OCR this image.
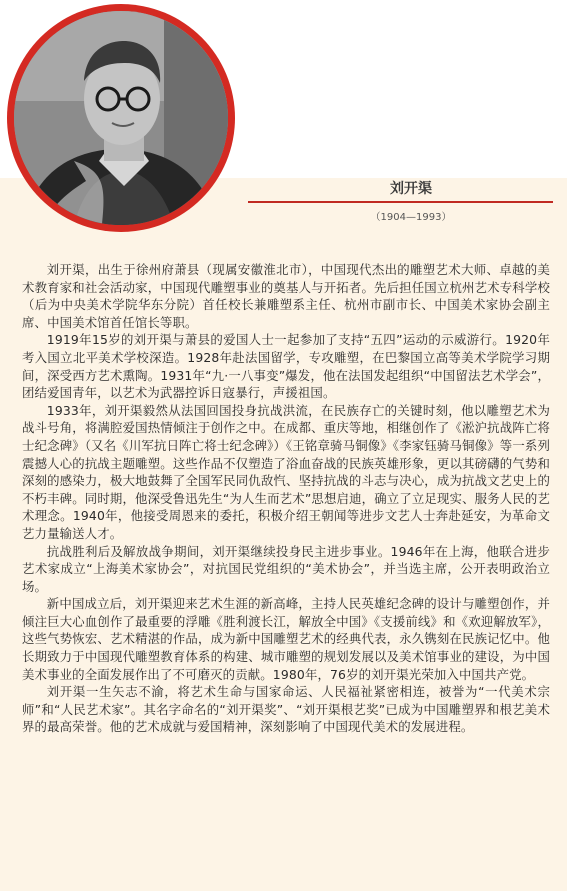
刘开渠
（1904—1993）

刘开渠，出生于徐州府萧县（现属安徽淮北市），中国现代杰出的雕塑艺术大师、卓越的美术教育家和社会活动家，中国现代雕塑事业的奠基人与开拓者。先后担任国立杭州艺术专科学校（后为中央美术学院华东分院）首任校长兼雕塑系主任、杭州市副市长、中国美术家协会副主席、中国美术馆首任馆长等职。

1919年15岁的刘开渠与萧县的爱国人士一起参加了支持“五四”运动的示威游行。1920年考入国立北平美术学校深造。1928年赴法国留学，专攻雕塑，在巴黎国立高等美术学院学习期间，深受西方艺术熏陶。1931年“九·一八事变”爆发，他在法国发起组织“中国留法艺术学会”，团结爱国青年，以艺术为武器控诉日寇暴行，声援祖国。

1933年，刘开渠毅然从法国回国投身抗战洪流，在民族存亡的关键时刻，他以雕塑艺术为战斗号角，将满腔爱国热情倾注于创作之中。在成都、重庆等地，相继创作了《淞沪抗战阵亡将士纪念碑》（又名《川军抗日阵亡将士纪念碑》）《王铭章骑马铜像》《李家钰骑马铜像》等一系列震撼人心的抗战主题雕塑。这些作品不仅塑造了浴血奋战的民族英雄形象，更以其磅礴的气势和深刻的感染力，极大地鼓舞了全国军民同仇敌忾、坚持抗战的斗志与决心，成为抗战文艺史上的不朽丰碑。同时期，他深受鲁迅先生“为人生而艺术”思想启迪，确立了立足现实、服务人民的艺术理念。1940年，他接受周恩来的委托，积极介绍王朝闻等进步文艺人士奔赴延安，为革命文艺力量输送人才。

抗战胜利后及解放战争期间，刘开渠继续投身民主进步事业。1946年在上海，他联合进步艺术家成立“上海美术家协会”，对抗国民党组织的“美术协会”，并当选主席，公开表明政治立场。

新中国成立后，刘开渠迎来艺术生涯的新高峰，主持人民英雄纪念碑的设计与雕塑创作，并倾注巨大心血创作了最重要的浮雕《胜利渡长江，解放全中国》《支援前线》和《欢迎解放军》，这些气势恢宏、艺术精湛的作品，成为新中国雕塑艺术的经典代表，永久镌刻在民族记忆中。他长期致力于中国现代雕塑教育体系的构建、城市雕塑的规划发展以及美术馆事业的建设，为中国美术事业的全面发展作出了不可磨灭的贡献。1980年，76岁的刘开渠光荣加入中国共产党。

刘开渠一生矢志不渝，将艺术生命与国家命运、人民福祉紧密相连，被誉为“一代美术宗师”和“人民艺术家”。其名字命名的“刘开渠奖”、“刘开渠根艺奖”已成为中国雕塑界和根艺美术界的最高荣誉。他的艺术成就与爱国精神，深刻影响了中国现代美术的发展进程。
